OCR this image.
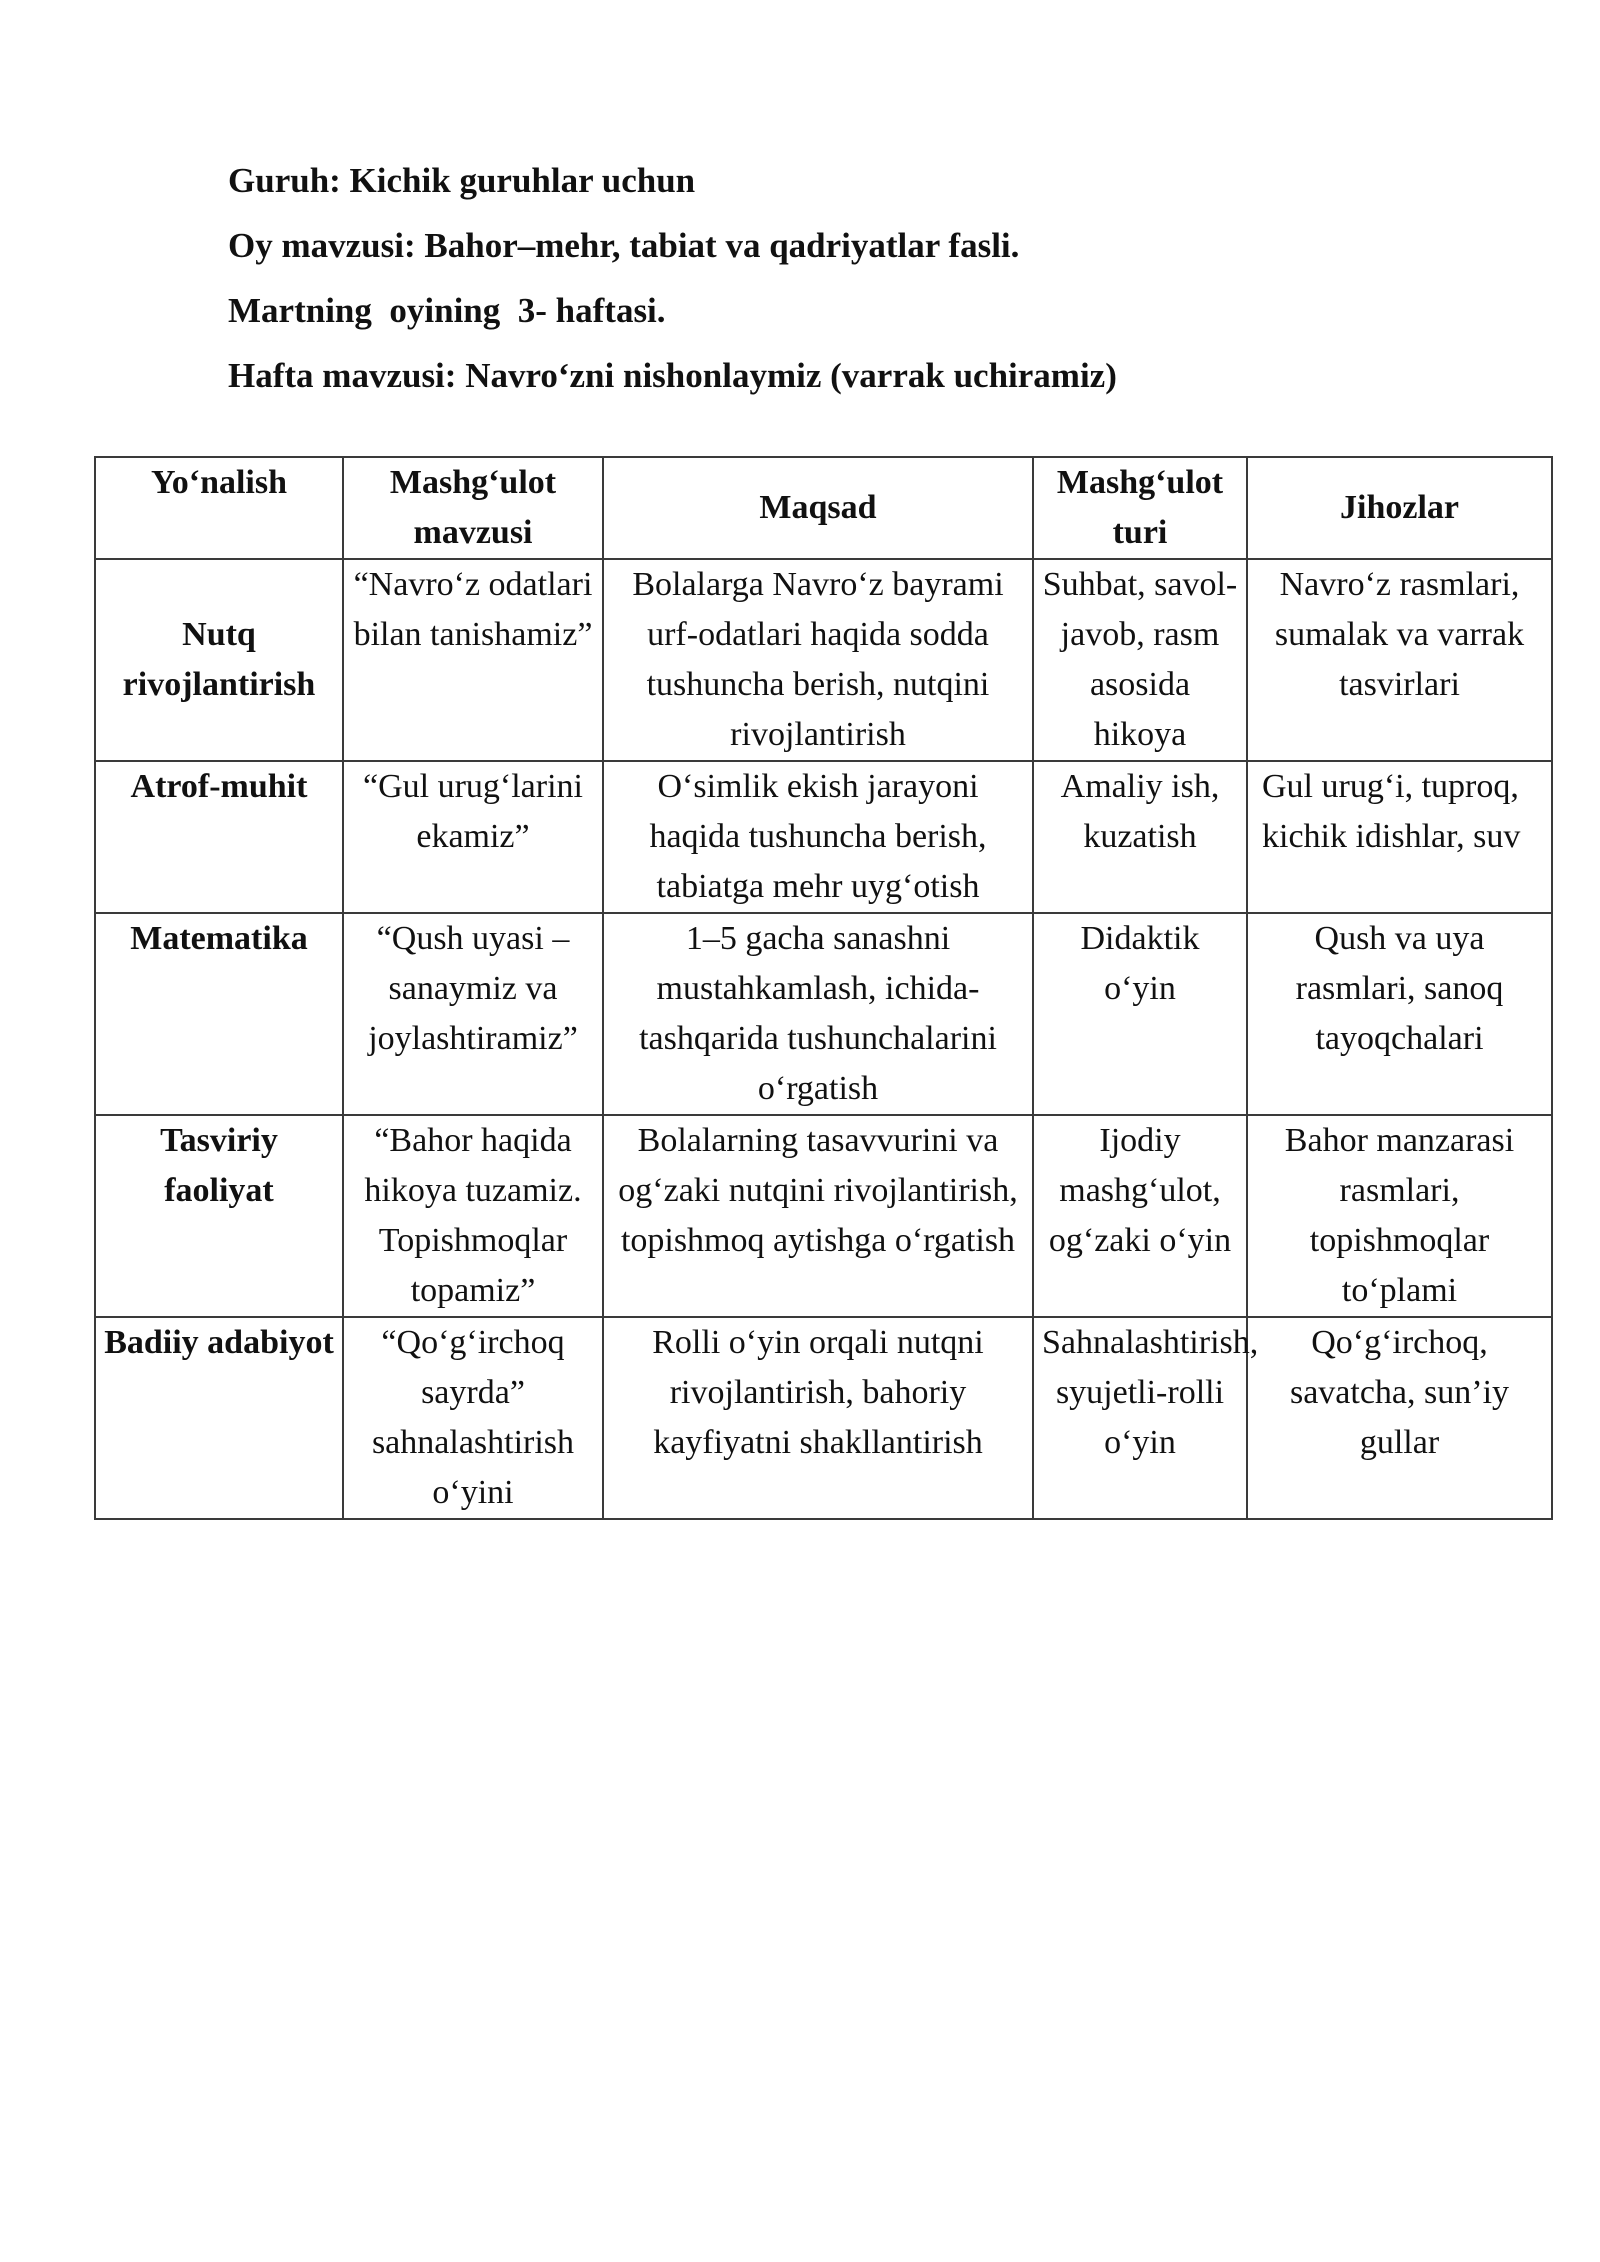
Guruh: Kichik guruhlar uchun
Oy mavzusi: Bahor–mehr, tabiat va qadriyatlar fasli.
Martning  oyining  3- haftasi.
Hafta mavzusi: Navro‘zni nishonlaymiz (varrak uchiramiz)
Yo‘nalish	Mashg‘ulot mavzusi	Maqsad	Mashg‘ulot turi	Jihozlar
Nutq rivojlantirish	“Navro‘z odatlari bilan tanishamiz”	Bolalarga Navro‘z bayrami urf-odatlari haqida sodda tushuncha berish, nutqini rivojlantirish	Suhbat, savol-javob, rasm asosida hikoya	Navro‘z rasmlari, sumalak va varrak tasvirlari
Atrof-muhit	“Gul urug‘larini ekamiz”	O‘simlik ekish jarayoni haqida tushuncha berish, tabiatga mehr uyg‘otish	Amaliy ish, kuzatish	Gul urug‘i, tuproq, kichik idishlar, suv
Matematika	“Qush uyasi – sanaymiz va joylashtiramiz”	1–5 gacha sanashni mustahkamlash, ichida-tashqarida tushunchalarini o‘rgatish	Didaktik o‘yin	Qush va uya rasmlari, sanoq tayoqchalari
Tasviriy faoliyat	“Bahor haqida hikoya tuzamiz. Topishmoqlar topamiz”	Bolalarning tasavvurini va og‘zaki nutqini rivojlantirish, topishmoq aytishga o‘rgatish	Ijodiy mashg‘ulot, og‘zaki o‘yin	Bahor manzarasi rasmlari, topishmoqlar to‘plami
Badiiy adabiyot	“Qo‘g‘irchoq sayrda” sahnalashtirish o‘yini	Rolli o‘yin orqali nutqni rivojlantirish, bahoriy kayfiyatni shakllantirish	Sahnalashtirish, syujetli-rolli o‘yin	Qo‘g‘irchoq, savatcha, sun’iy gullar
